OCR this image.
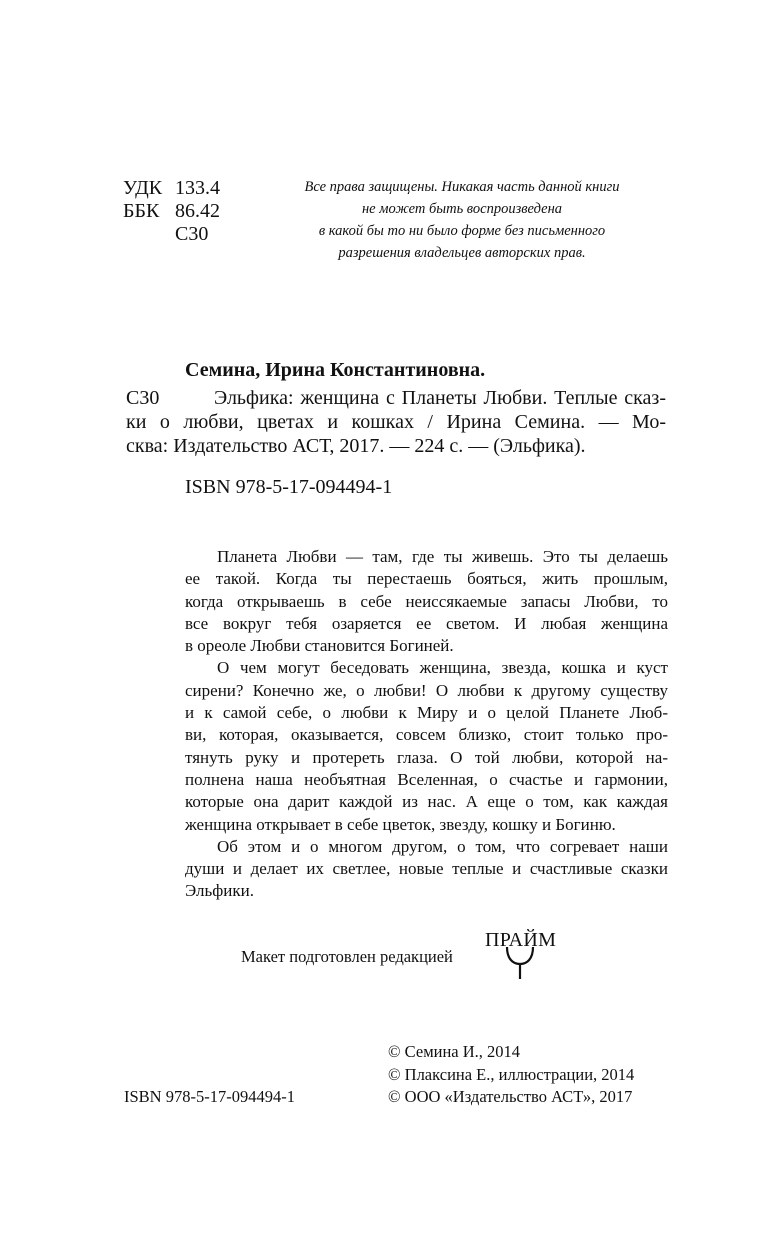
УДК 133.4
ББК 86.42
С30
Все права защищены. Никакая часть данной книги
не может быть воспроизведена
в какой бы то ни было форме без письменного
разрешения владельцев авторских прав.
Семина, Ирина Константиновна.
С30	Эльфика: женщина с Планеты Любви. Теплые сказ-
ки о любви, цветах и кошках / Ирина Семина. — Мо-
сква: Издательство АСТ, 2017. — 224 с. — (Эльфика).
ISBN 978-5-17-094494-1
Планета Любви — там, где ты живешь. Это ты делаешь
ее такой. Когда ты перестаешь бояться, жить прошлым,
когда открываешь в себе неиссякаемые запасы Любви, то
все вокруг тебя озаряется ее светом. И любая женщина
в ореоле Любви становится Богиней.
О чем могут беседовать женщина, звезда, кошка и куст
сирени? Конечно же, о любви! О любви к другому существу
и к самой себе, о любви к Миру и о целой Планете Люб-
ви, которая, оказывается, совсем близко, стоит только про-
тянуть руку и протереть глаза. О той любви, которой на-
полнена наша необъятная Вселенная, о счастье и гармонии,
которые она дарит каждой из нас. А еще о том, как каждая
женщина открывает в себе цветок, звезду, кошку и Богиню.
Об этом и о многом другом, о том, что согревает наши
души и делает их светлее, новые теплые и счастливые сказки
Эльфики.
Макет подготовлен редакцией
ПРАЙМ
© Семина И., 2014
© Плаксина Е., иллюстрации, 2014
© ООО «Издательство АСТ», 2017
ISBN 978-5-17-094494-1
